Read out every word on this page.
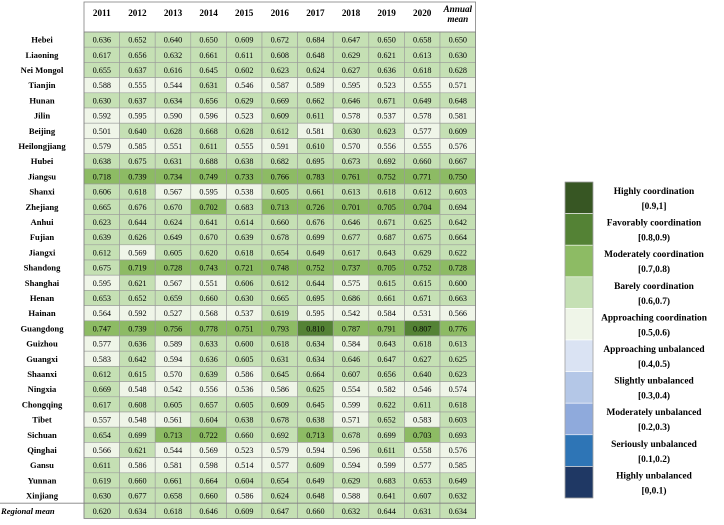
2011 2012 2013 2014 2015 2016 2017 2018 2019 2020 Annual mean
Hebei	0.636 0.652 0.640 0.650 0.609 0.672 0.684 0.647 0.650 0.658 0.650
Liaoning	0.617 0.656 0.632 0.661 0.611 0.608 0.648 0.629 0.621 0.613 0.630
Nei Mongol	0.655 0.637 0.616 0.645 0.602 0.623 0.624 0.627 0.636 0.618 0.628
Tianjin	0.588 0.555 0.544 0.631 0.546 0.587 0.589 0.595 0.523 0.555 0.571
Hunan	0.630 0.637 0.634 0.656 0.629 0.669 0.662 0.646 0.671 0.649 0.648
Jilin	0.592 0.595 0.590 0.596 0.523 0.609 0.611 0.578 0.537 0.578 0.581
Beijing	0.501 0.640 0.628 0.668 0.628 0.612 0.581 0.630 0.623 0.577 0.609
Heilongjiang	0.579 0.585 0.551 0.611 0.555 0.591 0.610 0.570 0.556 0.555 0.576
Hubei	0.638 0.675 0.631 0.688 0.638 0.682 0.695 0.673 0.692 0.660 0.667
Jiangsu	0.718 0.739 0.734 0.749 0.733 0.766 0.783 0.761 0.752 0.771 0.750
Shanxi	0.606 0.618 0.567 0.595 0.538 0.605 0.661 0.613 0.618 0.612 0.603
Zhejiang	0.665 0.676 0.670 0.702 0.683 0.713 0.726 0.701 0.705 0.704 0.694
Anhui	0.623 0.644 0.624 0.641 0.614 0.660 0.676 0.646 0.671 0.625 0.642
Fujian	0.639 0.626 0.649 0.670 0.639 0.678 0.699 0.677 0.687 0.675 0.664
Jiangxi	0.612 0.569 0.605 0.620 0.618 0.654 0.649 0.617 0.643 0.629 0.622
Shandong	0.675 0.719 0.728 0.743 0.721 0.748 0.752 0.737 0.705 0.752 0.728
Shanghai	0.595 0.621 0.567 0.551 0.606 0.612 0.644 0.575 0.615 0.615 0.600
Henan	0.653 0.652 0.659 0.660 0.630 0.665 0.695 0.686 0.661 0.671 0.663
Hainan	0.564 0.592 0.527 0.568 0.537 0.619 0.595 0.542 0.584 0.531 0.566
Guangdong	0.747 0.739 0.756 0.778 0.751 0.793 0.810 0.787 0.791 0.807 0.776
Guizhou	0.577 0.636 0.589 0.633 0.600 0.618 0.634 0.584 0.643 0.618 0.613
Guangxi	0.583 0.642 0.594 0.636 0.605 0.631 0.634 0.646 0.647 0.627 0.625
Shaanxi	0.612 0.615 0.570 0.639 0.586 0.645 0.664 0.607 0.656 0.640 0.623
Ningxia	0.669 0.548 0.542 0.556 0.536 0.586 0.625 0.554 0.582 0.546 0.574
Chongqing	0.617 0.608 0.605 0.657 0.605 0.609 0.645 0.599 0.622 0.611 0.618
Tibet	0.557 0.548 0.561 0.604 0.638 0.678 0.638 0.571 0.652 0.583 0.603
Sichuan	0.654 0.699 0.713 0.722 0.660 0.692 0.713 0.678 0.699 0.703 0.693
Qinghai	0.566 0.621 0.544 0.569 0.523 0.579 0.594 0.596 0.611 0.558 0.576
Gansu	0.611 0.586 0.581 0.598 0.514 0.577 0.609 0.594 0.599 0.577 0.585
Yunnan	0.619 0.660 0.661 0.664 0.604 0.654 0.649 0.629 0.683 0.653 0.649
Xinjiang	0.630 0.677 0.658 0.660 0.586 0.624 0.648 0.588 0.641 0.607 0.632
Regional mean	0.620 0.634 0.618 0.646 0.609 0.647 0.660 0.632 0.644 0.631 0.634
Highly coordination
[0.9,1]
Favorably coordination
[0.8,0.9)
Moderately coordination
[0.7,0.8)
Barely coordination
[0.6,0.7)
Approaching coordination
[0.5,0.6)
Approaching unbalanced
[0.4,0.5)
Slightly unbalanced
[0.3,0.4)
Moderately unbalanced
[0.2,0.3)
Seriously unbalanced
[0.1,0.2)
Highly unbalanced
[0,0.1)
